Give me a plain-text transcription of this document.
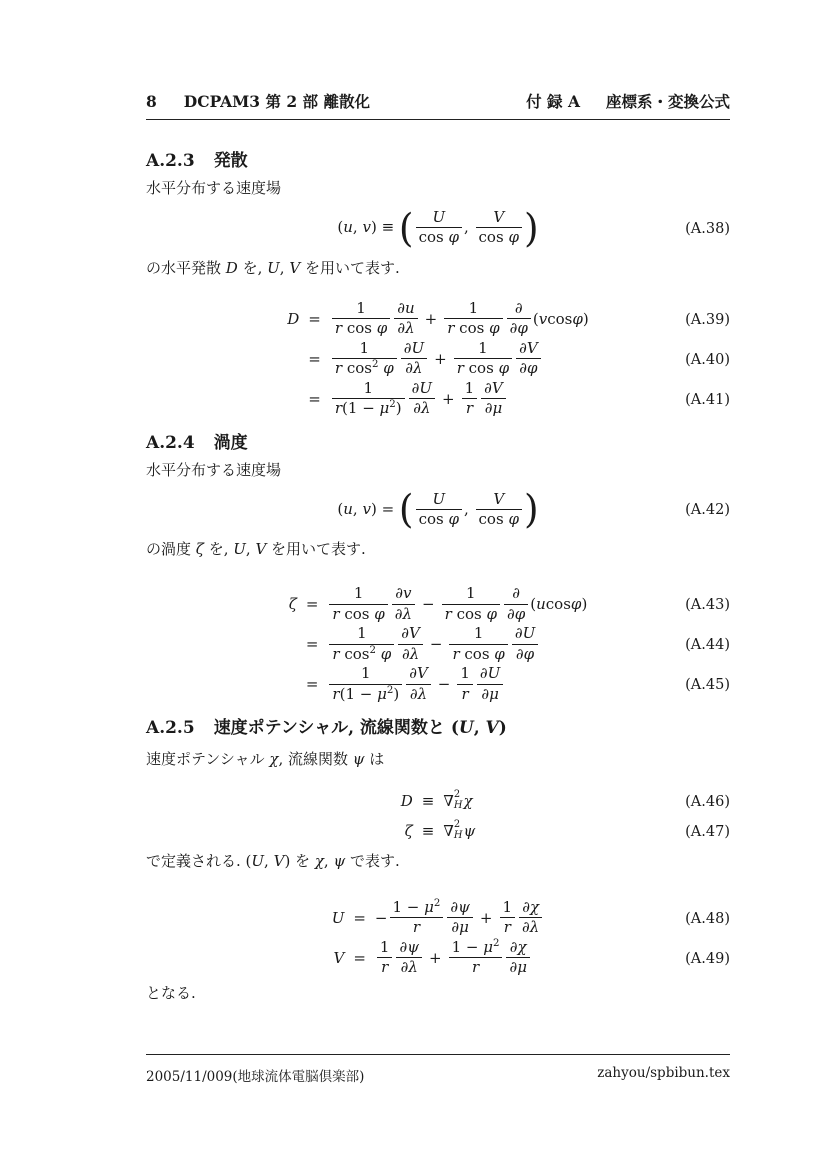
8 DCPAM3 第 2 部 離散化	付 録 A 座標系・変換公式
A.2.3 発散

水平分布する速度場

(u, v) ≡ ( $\frac{U}{\text{cos φ}}$ , $\frac{V}{\text{cos φ}}$ )	(A.38)

の水平発散 D を, U, V を用いて表す.

$D = \frac{1}{\text{r cos φ}} \frac{\partial u}{\partial\lambda} + \frac{1}{\text{r cos φ}} \frac{\partial}{\partial\varphi}$ ( v cos φ )	(A.39)
= $\frac{1}{r \cos^2 \varphi} \frac{\partial U}{\partial\lambda} + \frac{1}{\text{r cos φ}} \frac{\partial V}{\partial\varphi}$	(A.40)
= $\frac{1}{r(1 - \mu^2)} \frac{\partial U}{\partial\lambda} + \frac{1}{r} \frac{\partial V}{\partial\mu}$	(A.41)
A.2.4 渦度

水平分布する速度場

(u, v) = ( $\frac{U}{\text{cos φ}}$ , $\frac{V}{\text{cos φ}}$ )	(A.42)

の渦度 ζ を, U, V を用いて表す.

$\zeta = \frac{1}{\text{r cos φ}} \frac{\partial v}{\partial\lambda} - \frac{1}{\text{r cos φ}} \frac{\partial}{\partial\varphi}$ ( u cos φ )	(A.43)
= $\frac{1}{r \cos^2 \varphi} \frac{\partial V}{\partial\lambda} - \frac{1}{\text{r cos φ}} \frac{\partial U}{\partial\varphi}$	(A.44)
= $\frac{1}{r(1 - \mu^2)} \frac{\partial V}{\partial\lambda} - \frac{1}{r} \frac{\partial U}{\partial\mu}$	(A.45)
A.2.5 速度ポテンシャル, 流線関数と (U, V)

速度ポテンシャル χ, 流線関数 ψ は

D ≡ ∇ 2
H χ	(A.46)
ζ ≡ ∇ 2
H ψ	(A.47)

で定義される. (U, V) を χ, ψ で表す.

U = − $\frac{1 - \mu^2}{r} \frac{\partial\psi}{\partial\mu} + \frac{1}{r} \frac{\partial\chi}{\partial\lambda}$	(A.48)
$V = \frac{1}{r} \frac{\partial\psi}{\partial\lambda} + \frac{1 - \mu^2}{r} \frac{\partial\chi}{\partial\mu}$	(A.49)

となる.

2005/11/009(地球流体電脳倶楽部)	zahyou/spbibun.tex
